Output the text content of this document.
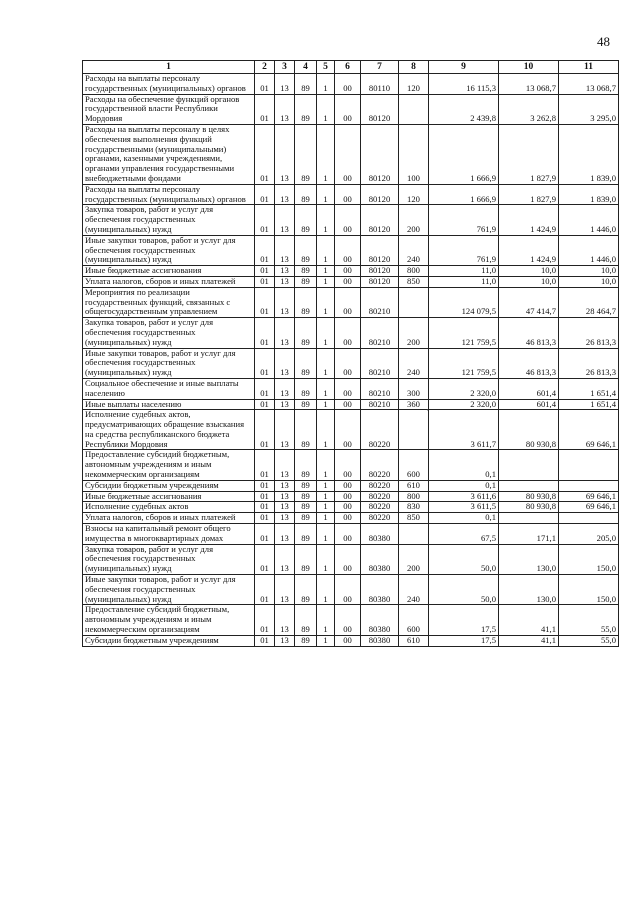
48
1	2	3	4	5	6	7	8	9	10	11
Расходы на выплаты персоналу государственных (муниципальных) органов	01	13	89	1	00	80110	120	16 115,3	13 068,7	13 068,7
Расходы на обеспечение функций органов государственной власти Республики Мордовия	01	13	89	1	00	80120		2 439,8	3 262,8	3 295,0
Расходы на выплаты персоналу в целях обеспечения выполнения функций государственными (муниципальными) органами, казенными учреждениями, органами управления государственными внебюджетными фондами	01	13	89	1	00	80120	100	1 666,9	1 827,9	1 839,0
Расходы на выплаты персоналу государственных (муниципальных) органов	01	13	89	1	00	80120	120	1 666,9	1 827,9	1 839,0
Закупка товаров, работ и услуг для обеспечения государственных (муниципальных) нужд	01	13	89	1	00	80120	200	761,9	1 424,9	1 446,0
Иные закупки товаров, работ и услуг для обеспечения государственных (муниципальных) нужд	01	13	89	1	00	80120	240	761,9	1 424,9	1 446,0
Иные бюджетные ассигнования	01	13	89	1	00	80120	800	11,0	10,0	10,0
Уплата налогов, сборов и иных платежей	01	13	89	1	00	80120	850	11,0	10,0	10,0
Мероприятия по реализации государственных функций, связанных с общегосударственным управлением	01	13	89	1	00	80210		124 079,5	47 414,7	28 464,7
Закупка товаров, работ и услуг для обеспечения государственных (муниципальных) нужд	01	13	89	1	00	80210	200	121 759,5	46 813,3	26 813,3
Иные закупки товаров, работ и услуг для обеспечения государственных (муниципальных) нужд	01	13	89	1	00	80210	240	121 759,5	46 813,3	26 813,3
Социальное обеспечение и иные выплаты населению	01	13	89	1	00	80210	300	2 320,0	601,4	1 651,4
Иные выплаты населению	01	13	89	1	00	80210	360	2 320,0	601,4	1 651,4
Исполнение судебных актов, предусматривающих обращение взыскания на средства республиканского бюджета Республики Мордовия	01	13	89	1	00	80220		3 611,7	80 930,8	69 646,1
Предоставление субсидий бюджетным, автономным учреждениям и иным некоммерческим организациям	01	13	89	1	00	80220	600	0,1		
Субсидии бюджетным учреждениям	01	13	89	1	00	80220	610	0,1		
Иные бюджетные ассигнования	01	13	89	1	00	80220	800	3 611,6	80 930,8	69 646,1
Исполнение судебных актов	01	13	89	1	00	80220	830	3 611,5	80 930,8	69 646,1
Уплата налогов, сборов и иных платежей	01	13	89	1	00	80220	850	0,1		
Взносы на капитальный ремонт общего имущества в многоквартирных домах	01	13	89	1	00	80380		67,5	171,1	205,0
Закупка товаров, работ и услуг для обеспечения государственных (муниципальных) нужд	01	13	89	1	00	80380	200	50,0	130,0	150,0
Иные закупки товаров, работ и услуг для обеспечения государственных (муниципальных) нужд	01	13	89	1	00	80380	240	50,0	130,0	150,0
Предоставление субсидий бюджетным, автономным учреждениям и иным некоммерческим организациям	01	13	89	1	00	80380	600	17,5	41,1	55,0
Субсидии бюджетным учреждениям	01	13	89	1	00	80380	610	17,5	41,1	55,0
·
